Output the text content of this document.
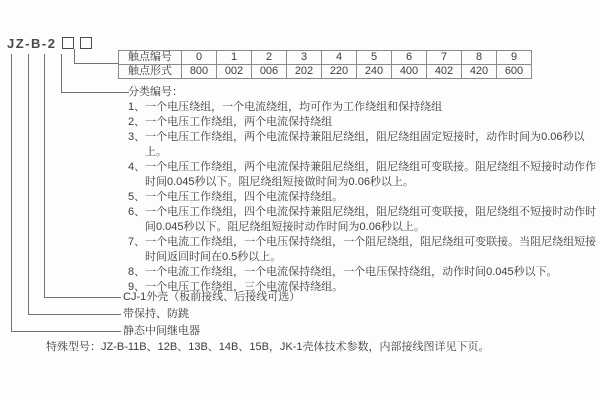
JZ-B-2
触点编号	0	1	2	3	4	5	6	7	8	9
触点形式	800	002	006	202	220	240	400	402	420	600
分类编号：
1、一个电压绕组，一个电流绕组，均可作为工作绕组和保持绕组
2、一个电压工作绕组，两个电流保持绕组
3、一个电压工作绕组，两个电流保持兼阻尼绕组，阻尼绕组固定短接时，动作时间为0.06秒以上。
4、一个电压工作绕组，两个电流保持兼阻尼绕组，阻尼绕组可变联接。阻尼绕组不短接时动作作时间0.045秒以下。阻尼绕组短接做时间为0.06秒以上。
5、一个电压工作绕组，四个电流保持绕组。
6、一个电压工作绕组，四个电流保持兼阻尼绕组，阻尼绕组可变联接，阻尼绕组不短接时动作时间0.045秒以下。阻尼绕组短接时动作时间为0.06秒以上。
7、一个电流工作绕组，一个电压保持绕组，一个阻尼绕组，阻尼绕组可变联接。当阻尼绕组短接时间返回时间在0.5秒以上。
8、一个电流工作绕组，一个电流保持绕组，一个电压保持绕组，动作时间0.045秒以下。
9、一个电压工作绕组，三个电流保持绕组。
CJ-1外壳（板前接线、后接线可选）
带保持、防跳
静态中间继电器
特殊型号：JZ-B-11B、12B、13B、14B、15B，JK-1壳体技术参数，内部接线图详见下页。
